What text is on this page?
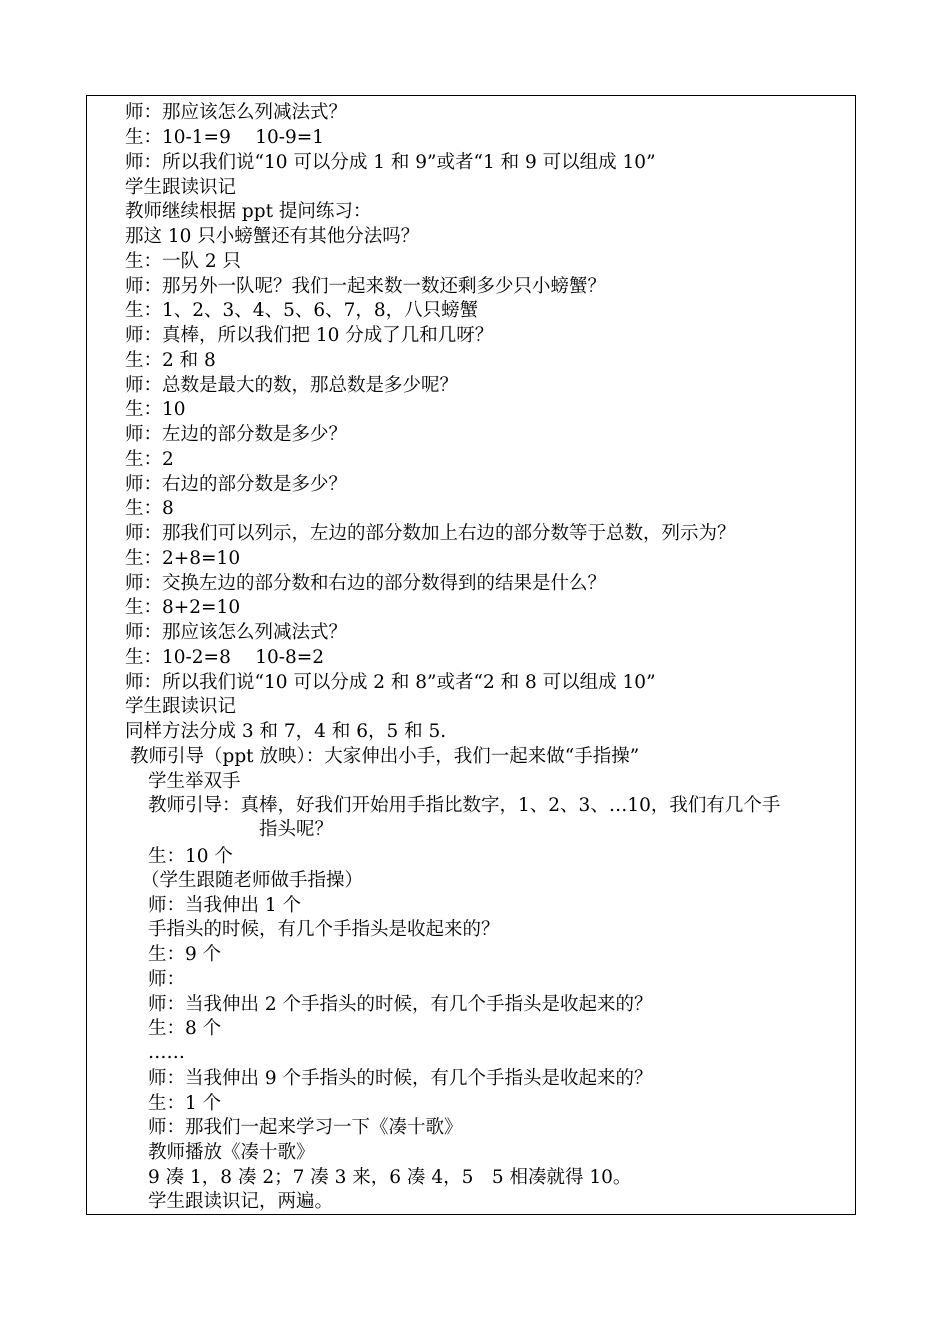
师：那应该怎么列减法式？
生：10-1=9　 10-9=1
师：所以我们说“10 可以分成 1 和 9”或者“1 和 9 可以组成 10”
学生跟读识记
教师继续根据 ppt 提问练习：
那这 10 只小螃蟹还有其他分法吗？
生：一队 2 只
师：那另外一队呢？我们一起来数一数还剩多少只小螃蟹？
生：1、2、3、4、5、6、7，8，八只螃蟹
师：真棒，所以我们把 10 分成了几和几呀？
生：2 和 8
师：总数是最大的数，那总数是多少呢？
生：10
师：左边的部分数是多少？
生：2
师：右边的部分数是多少？
生：8
师：那我们可以列示，左边的部分数加上右边的部分数等于总数，列示为？
生：2+8=10
师：交换左边的部分数和右边的部分数得到的结果是什么？
生：8+2=10
师：那应该怎么列减法式？
生：10-2=8　 10-8=2
师：所以我们说“10 可以分成 2 和 8”或者“2 和 8 可以组成 10”
学生跟读识记
同样方法分成 3 和 7，4 和 6，5 和 5.
教师引导（ppt 放映）：大家伸出小手，我们一起来做“手指操”
学生举双手
教师引导：真棒，好我们开始用手指比数字，1、2、3、…10，我们有几个手
指头呢？
生：10 个
（学生跟随老师做手指操）
师：当我伸出 1 个
手指头的时候，有几个手指头是收起来的？
生：9 个
师：
师：当我伸出 2 个手指头的时候，有几个手指头是收起来的？
生：8 个
……
师：当我伸出 9 个手指头的时候，有几个手指头是收起来的？
生：1 个
师：那我们一起来学习一下《凑十歌》
教师播放《凑十歌》
9 凑 1，8 凑 2；7 凑 3 来，6 凑 4，5　5 相凑就得 10。
学生跟读识记，两遍。
